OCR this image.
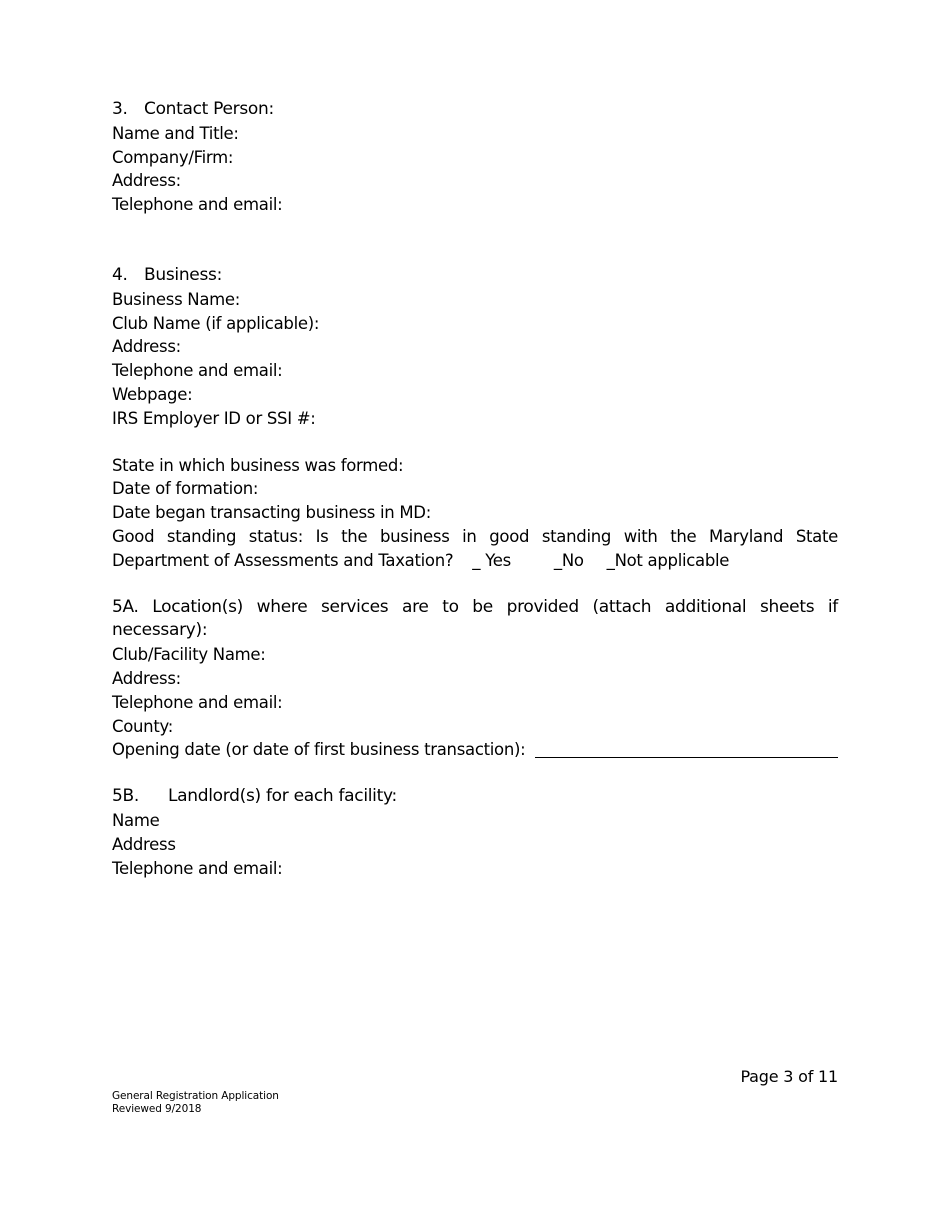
3. Contact Person:
Name and Title:
Company/Firm:
Address:
Telephone and email:
4. Business:
Business Name:
Club Name (if applicable):
Address:
Telephone and email:
Webpage:
IRS Employer ID or SSI #:
State in which business was formed:
Date of formation:
Date began transacting business in MD:
Good standing status: Is the business in good standing with the Maryland State
Department of Assessments and Taxation? _ Yes	_No _Not applicable
5A. Location(s) where services are to be provided (attach additional sheets if
necessary):
Club/Facility Name:
Address:
Telephone and email:
County:
Opening date (or date of first business transaction):
5B. Landlord(s) for each facility:
Name
Address
Telephone and email:
Page 3 of 11
General Registration Application
Reviewed 9/2018
